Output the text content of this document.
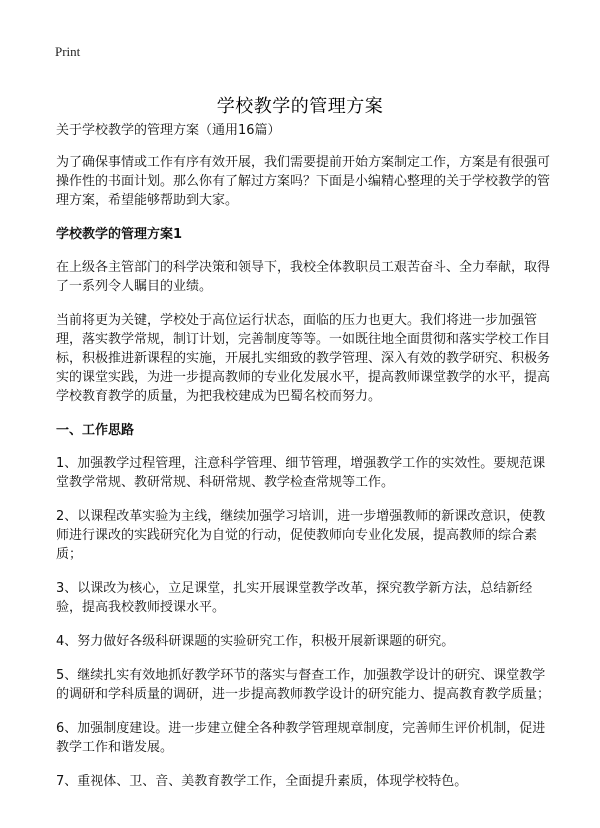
Print
学校教学的管理方案

关于学校教学的管理方案（通用16篇）

为了确保事情或工作有序有效开展，我们需要提前开始方案制定工作，方案是有很强可操作性的书面计划。那么你有了解过方案吗？下面是小编精心整理的关于学校教学的管理方案，希望能够帮助到大家。

学校教学的管理方案1

在上级各主管部门的科学决策和领导下，我校全体教职员工艰苦奋斗、全力奉献，取得了一系列令人瞩目的业绩。

当前将更为关键，学校处于高位运行状态，面临的压力也更大。我们将进一步加强管理，落实教学常规，制订计划，完善制度等等。一如既往地全面贯彻和落实学校工作目标，积极推进新课程的实施，开展扎实细致的教学管理、深入有效的教学研究、积极务实的课堂实践，为进一步提高教师的专业化发展水平，提高教师课堂教学的水平，提高学校教育教学的质量，为把我校建成为巴蜀名校而努力。

一、工作思路

1、加强教学过程管理，注意科学管理、细节管理，增强教学工作的实效性。要规范课堂教学常规、教研常规、科研常规、教学检查常规等工作。

2、以课程改革实验为主线，继续加强学习培训，进一步增强教师的新课改意识，使教师进行课改的实践研究化为自觉的行动，促使教师向专业化发展，提高教师的综合素质；

3、以课改为核心，立足课堂，扎实开展课堂教学改革，探究教学新方法，总结新经验，提高我校教师授课水平。

4、努力做好各级科研课题的实验研究工作，积极开展新课题的研究。

5、继续扎实有效地抓好教学环节的落实与督查工作，加强教学设计的研究、课堂教学的调研和学科质量的调研，进一步提高教师教学设计的研究能力、提高教育教学质量；

6、加强制度建设。进一步建立健全各种教学管理规章制度，完善师生评价机制，促进教学工作和谐发展。

7、重视体、卫、音、美教育教学工作，全面提升素质，体现学校特色。
